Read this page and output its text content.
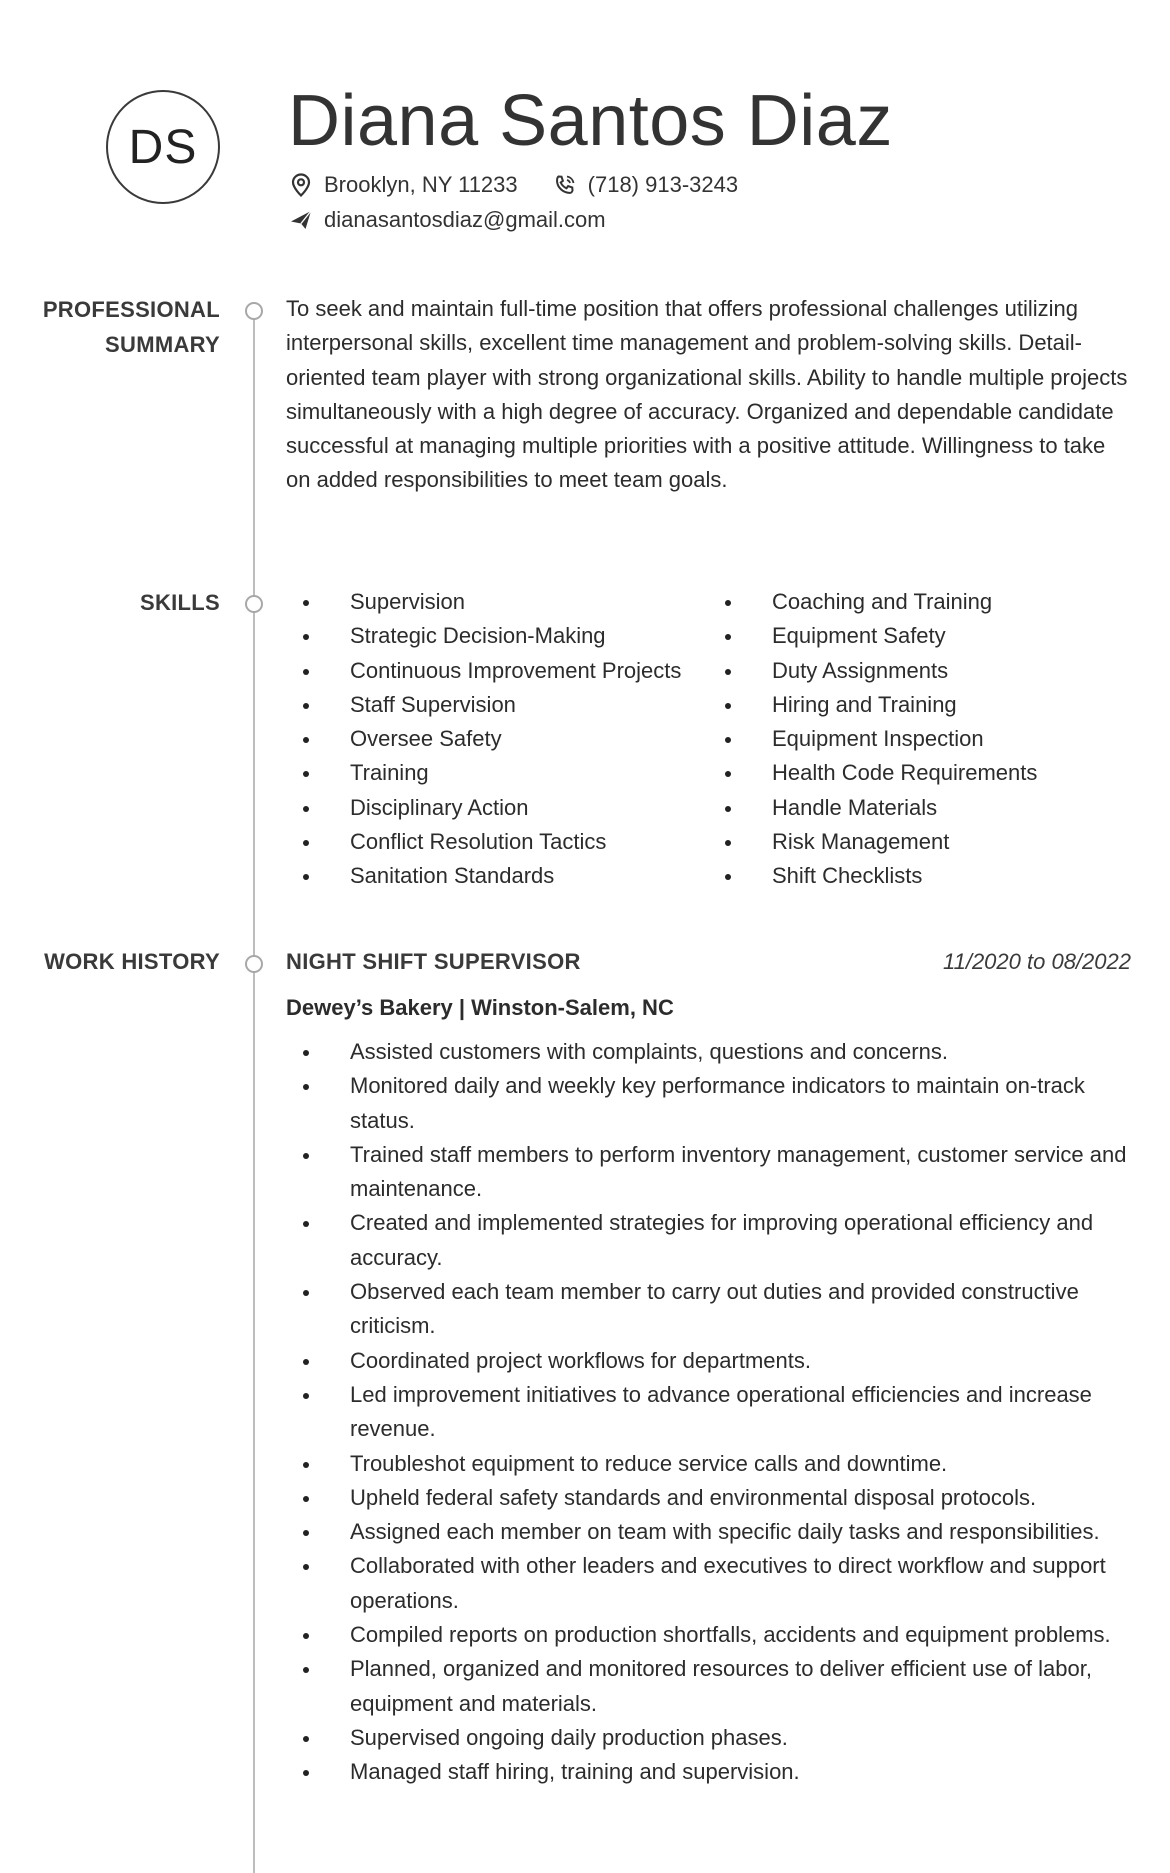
DS	Diana Santos Diaz
Brooklyn, NY 11233	(718) 913-3243
dianasantosdiaz@gmail.com
PROFESSIONAL
SUMMARY
To seek and maintain full-time position that offers professional challenges utilizing interpersonal skills, excellent time management and problem-solving skills. Detail-oriented team player with strong organizational skills. Ability to handle multiple projects simultaneously with a high degree of accuracy. Organized and dependable candidate successful at managing multiple priorities with a positive attitude. Willingness to take on added responsibilities to meet team goals.
SKILLS	Supervision
Strategic Decision-Making
Continuous Improvement Projects
Staff Supervision
Oversee Safety
Training
Disciplinary Action
Conflict Resolution Tactics
Sanitation Standards
Coaching and Training
Equipment Safety
Duty Assignments
Hiring and Training
Equipment Inspection
Health Code Requirements
Handle Materials
Risk Management
Shift Checklists
WORK HISTORY	NIGHT SHIFT SUPERVISOR	11/2020 to 08/2022
Dewey’s Bakery | Winston-Salem, NC
Assisted customers with complaints, questions and concerns.
Monitored daily and weekly key performance indicators to maintain on-track status.
Trained staff members to perform inventory management, customer service and maintenance.
Created and implemented strategies for improving operational efficiency and accuracy.
Observed each team member to carry out duties and provided constructive criticism.
Coordinated project workflows for departments.
Led improvement initiatives to advance operational efficiencies and increase revenue.
Troubleshot equipment to reduce service calls and downtime.
Upheld federal safety standards and environmental disposal protocols.
Assigned each member on team with specific daily tasks and responsibilities.
Collaborated with other leaders and executives to direct workflow and support operations.
Compiled reports on production shortfalls, accidents and equipment problems.
Planned, organized and monitored resources to deliver efficient use of labor, equipment and materials.
Supervised ongoing daily production phases.
Managed staff hiring, training and supervision.
